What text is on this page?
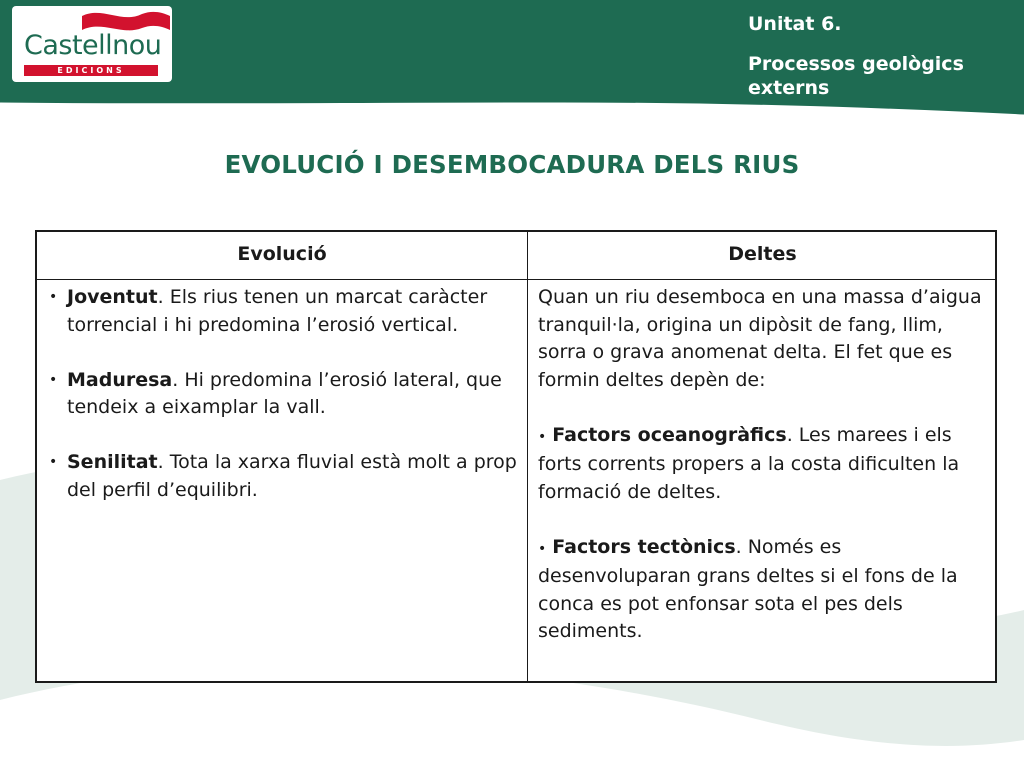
Castellnou
EDICIONS

Unitat 6.

Processos geològics externs

EVOLUCIÓ I DESEMBOCADURA DELS RIUS
Evolució	Deltes
• Joventut. Els rius tenen un marcat caràcter torrencial i hi predomina l’erosió vertical.
• Maduresa. Hi predomina l’erosió lateral, que tendeix a eixamplar la vall.
• Senilitat. Tota la xarxa fluvial està molt a prop del perfil d’equilibri.

Quan un riu desemboca en una massa d’aigua tranquil·la, origina un dipòsit de fang, llim, sorra o grava anomenat delta. El fet que es formin deltes depèn de:

• Factors oceanogràfics. Les marees i els forts corrents propers a la costa dificulten la formació de deltes.

• Factors tectònics. Només es desenvoluparan grans deltes si el fons de la conca es pot enfonsar sota el pes dels sediments.
